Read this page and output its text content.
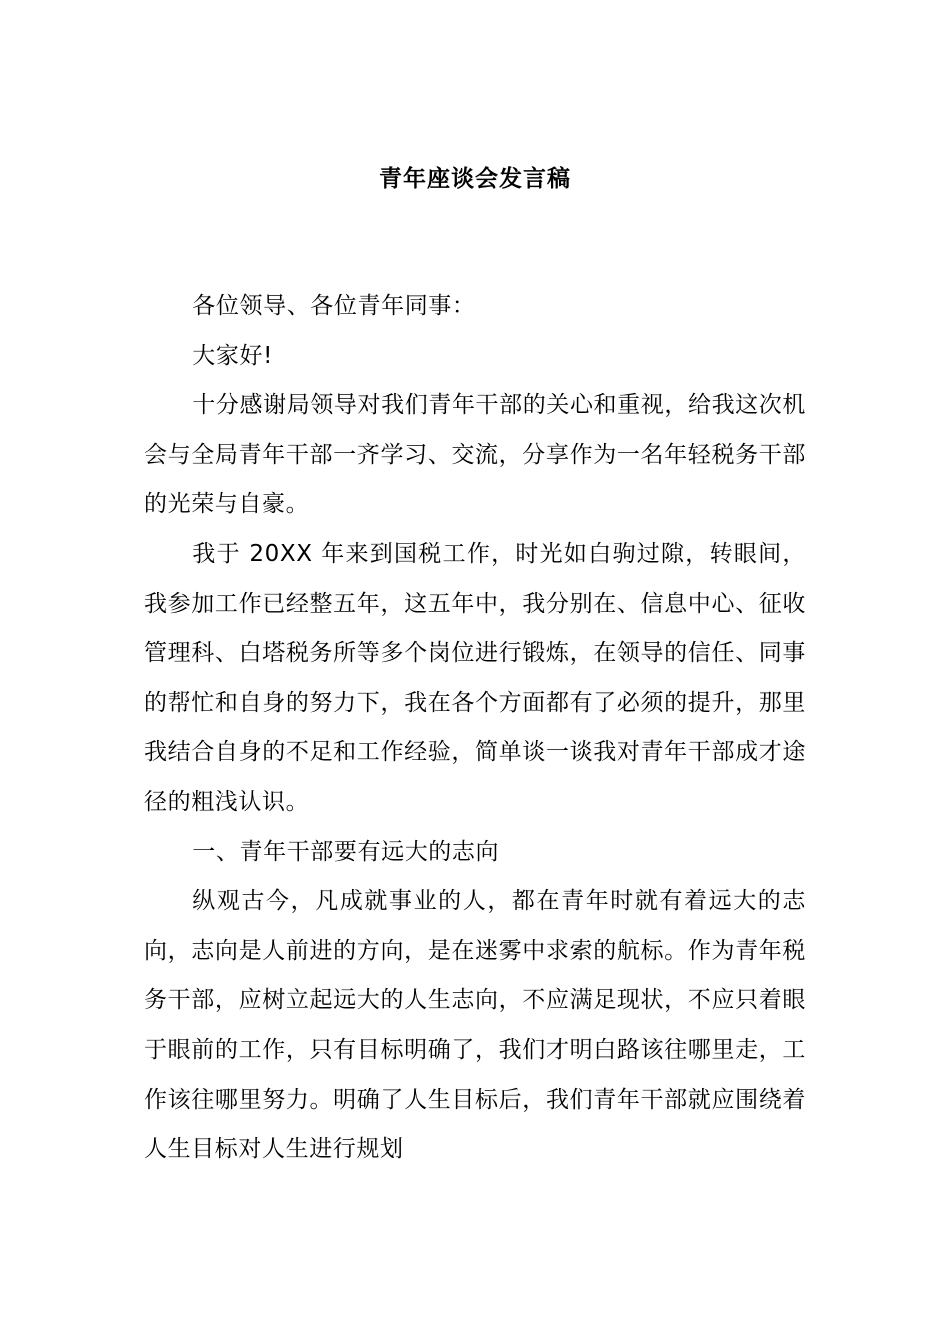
青年座谈会发言稿

各位领导、各位青年同事：

大家好!

十分感谢局领导对我们青年干部的关心和重视，给我这次机会与全局青年干部一齐学习、交流，分享作为一名年轻税务干部的光荣与自豪。

我于 20XX 年来到国税工作，时光如白驹过隙，转眼间，我参加工作已经整五年，这五年中，我分别在、信息中心、征收管理科、白塔税务所等多个岗位进行锻炼，在领导的信任、同事的帮忙和自身的努力下，我在各个方面都有了必须的提升，那里我结合自身的不足和工作经验，简单谈一谈我对青年干部成才途径的粗浅认识。

一、青年干部要有远大的志向

纵观古今，凡成就事业的人，都在青年时就有着远大的志向，志向是人前进的方向，是在迷雾中求索的航标。作为青年税务干部，应树立起远大的人生志向，不应满足现状，不应只着眼于眼前的工作，只有目标明确了，我们才明白路该往哪里走，工作该往哪里努力。明确了人生目标后，我们青年干部就应围绕着人生目标对人生进行规划
